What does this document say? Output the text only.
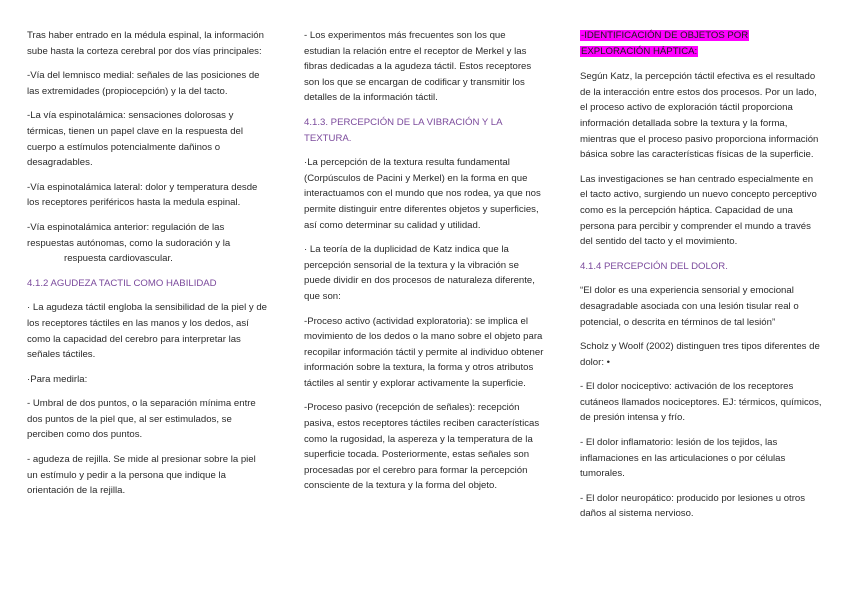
Tras haber entrado en la médula espinal, la información sube hasta la corteza cerebral por dos vías principales:

-Vía del lemnisco medial: señales de las posiciones de las extremidades (propiocepción) y la del tacto.

-La vía espinotalámica: sensaciones dolorosas y térmicas, tienen un papel clave en la respuesta del cuerpo a estímulos potencialmente dañinos o desagradables.

-Vía espinotalámica lateral: dolor y temperatura desde los receptores periféricos hasta la medula espinal.

-Vía espinotalámica anterior: regulación de las respuestas autónomas, como la sudoración y la
respuesta cardiovascular.

4.1.2 AGUDEZA TACTIL COMO HABILIDAD

· La agudeza táctil engloba la sensibilidad de la piel y de los receptores táctiles en las manos y los dedos, así como la capacidad del cerebro para interpretar las señales táctiles.

·Para medirla:

- Umbral de dos puntos, o la separación mínima entre dos puntos de la piel que, al ser estimulados, se perciben como dos puntos.

- agudeza de rejilla. Se mide al presionar sobre la piel un estímulo y pedir a la persona que indique la orientación de la rejilla.

- Los experimentos más frecuentes son los que estudian la relación entre el receptor de Merkel y las fibras dedicadas a la agudeza táctil. Estos receptores son los que se encargan de codificar y transmitir los detalles de la información táctil.

4.1.3. PERCEPCIÓN DE LA VIBRACIÓN Y LA TEXTURA.

·La percepción de la textura resulta fundamental (Corpúsculos de Pacini y Merkel) en la forma en que interactuamos con el mundo que nos rodea, ya que nos permite distinguir entre diferentes objetos y superficies, así como determinar su calidad y utilidad.

· La teoría de la duplicidad de Katz indica que la percepción sensorial de la textura y la vibración se puede dividir en dos procesos de naturaleza diferente, que son:

-Proceso activo (actividad exploratoria): se implica el movimiento de los dedos o la mano sobre el objeto para recopilar información táctil y permite al individuo obtener información sobre la textura, la forma y otros atributos táctiles al sentir y explorar activamente la superficie.

-Proceso pasivo (recepción de señales): recepción pasiva, estos receptores táctiles reciben características como la rugosidad, la aspereza y la temperatura de la superficie tocada. Posteriormente, estas señales son procesadas por el cerebro para formar la percepción consciente de la textura y la forma del objeto.

-IDENTIFICACIÓN DE OBJETOS POR
EXPLORACIÓN HÁPTICA:

Según Katz, la percepción táctil efectiva es el resultado de la interacción entre estos dos procesos. Por un lado, el proceso activo de exploración táctil proporciona información detallada sobre la textura y la forma, mientras que el proceso pasivo proporciona información básica sobre las características físicas de la superficie.

Las investigaciones se han centrado especialmente en el tacto activo, surgiendo un nuevo concepto perceptivo como es la percepción háptica. Capacidad de una persona para percibir y comprender el mundo a través del sentido del tacto y el movimiento.

4.1.4 PERCEPCIÓN DEL DOLOR.

“El dolor es una experiencia sensorial y emocional desagradable asociada con una lesión tisular real o potencial, o descrita en términos de tal lesión”

Scholz y Woolf (2002) distinguen tres tipos diferentes de dolor: •

- El dolor nociceptivo: activación de los receptores cutáneos llamados nociceptores. EJ: térmicos, químicos, de presión intensa y frío.

- El dolor inflamatorio: lesión de los tejidos, las inflamaciones en las articulaciones o por células tumorales.

- El dolor neuropático: producido por lesiones u otros daños al sistema nervioso.
